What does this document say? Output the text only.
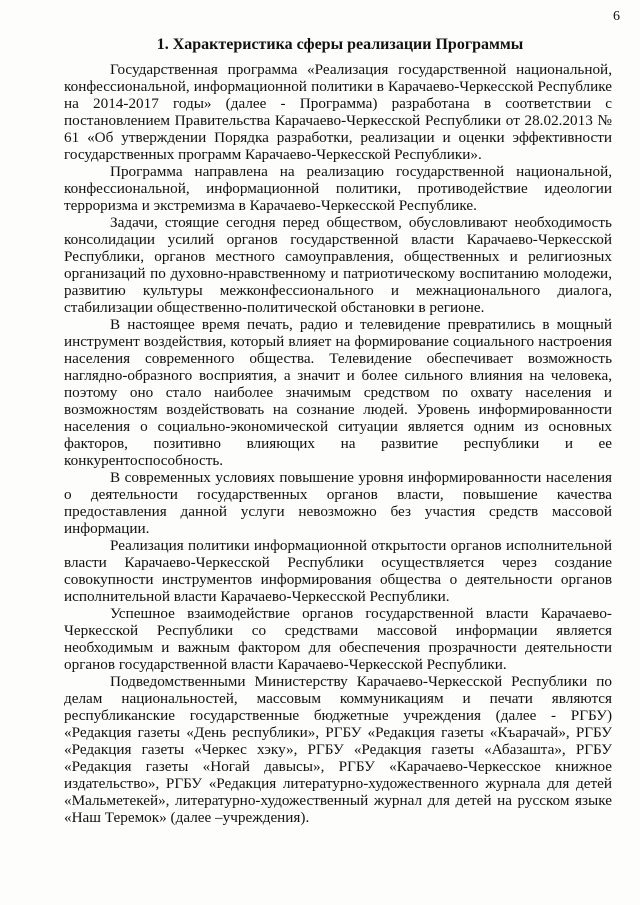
6
1. Характеристика сферы реализации Программы

Государственная программа «Реализация государственной национальной, конфессиональной, информационной политики в Карачаево-Черкесской Республике на 2014-2017 годы» (далее - Программа) разработана в соответствии с постановлением Правительства Карачаево-Черкесской Республики от 28.02.2013 № 61 «Об утверждении Порядка разработки, реализации и оценки эффективности государственных программ Карачаево-Черкесской Республики».

Программа направлена на реализацию государственной национальной, конфессиональной, информационной политики, противодействие идеологии терроризма и экстремизма в Карачаево-Черкесской Республике.

Задачи, стоящие сегодня перед обществом, обусловливают необходимость консолидации усилий органов государственной власти Карачаево-Черкесской Республики, органов местного самоуправления, общественных и религиозных организаций по духовно-нравственному и патриотическому воспитанию молодежи, развитию культуры межконфессионального и межнационального диалога, стабилизации общественно-политической обстановки в регионе.

В настоящее время печать, радио и телевидение превратились в мощный инструмент воздействия, который влияет на формирование социального настроения населения современного общества. Телевидение обеспечивает возможность наглядно-образного восприятия, а значит и более сильного влияния на человека, поэтому оно стало наиболее значимым средством по охвату населения и возможностям воздействовать на сознание людей. Уровень информированности населения о социально-экономической ситуации является одним из основных факторов, позитивно влияющих на развитие республики и ее конкурентоспособность.

В современных условиях повышение уровня информированности населения о деятельности государственных органов власти, повышение качества предоставления данной услуги невозможно без участия средств массовой информации.

Реализация политики информационной открытости органов исполнительной власти Карачаево-Черкесской Республики осуществляется через создание совокупности инструментов информирования общества о деятельности органов исполнительной власти Карачаево-Черкесской Республики.

Успешное взаимодействие органов государственной власти Карачаево-Черкесской Республики со средствами массовой информации является необходимым и важным фактором для обеспечения прозрачности деятельности органов государственной власти Карачаево-Черкесской Республики.

Подведомственными Министерству Карачаево-Черкесской Республики по делам национальностей, массовым коммуникациям и печати являются республиканские государственные бюджетные учреждения (далее - РГБУ) «Редакция газеты «День республики», РГБУ «Редакция газеты «Къарачай», РГБУ «Редакция газеты «Черкес хэку», РГБУ «Редакция газеты «Абазашта», РГБУ «Редакция газеты «Ногай давысы», РГБУ «Карачаево-Черкесское книжное издательство», РГБУ «Редакция литературно-художественного журнала для детей «Мальметекей», литературно-художественный журнал для детей на русском языке «Наш Теремок» (далее –учреждения).
